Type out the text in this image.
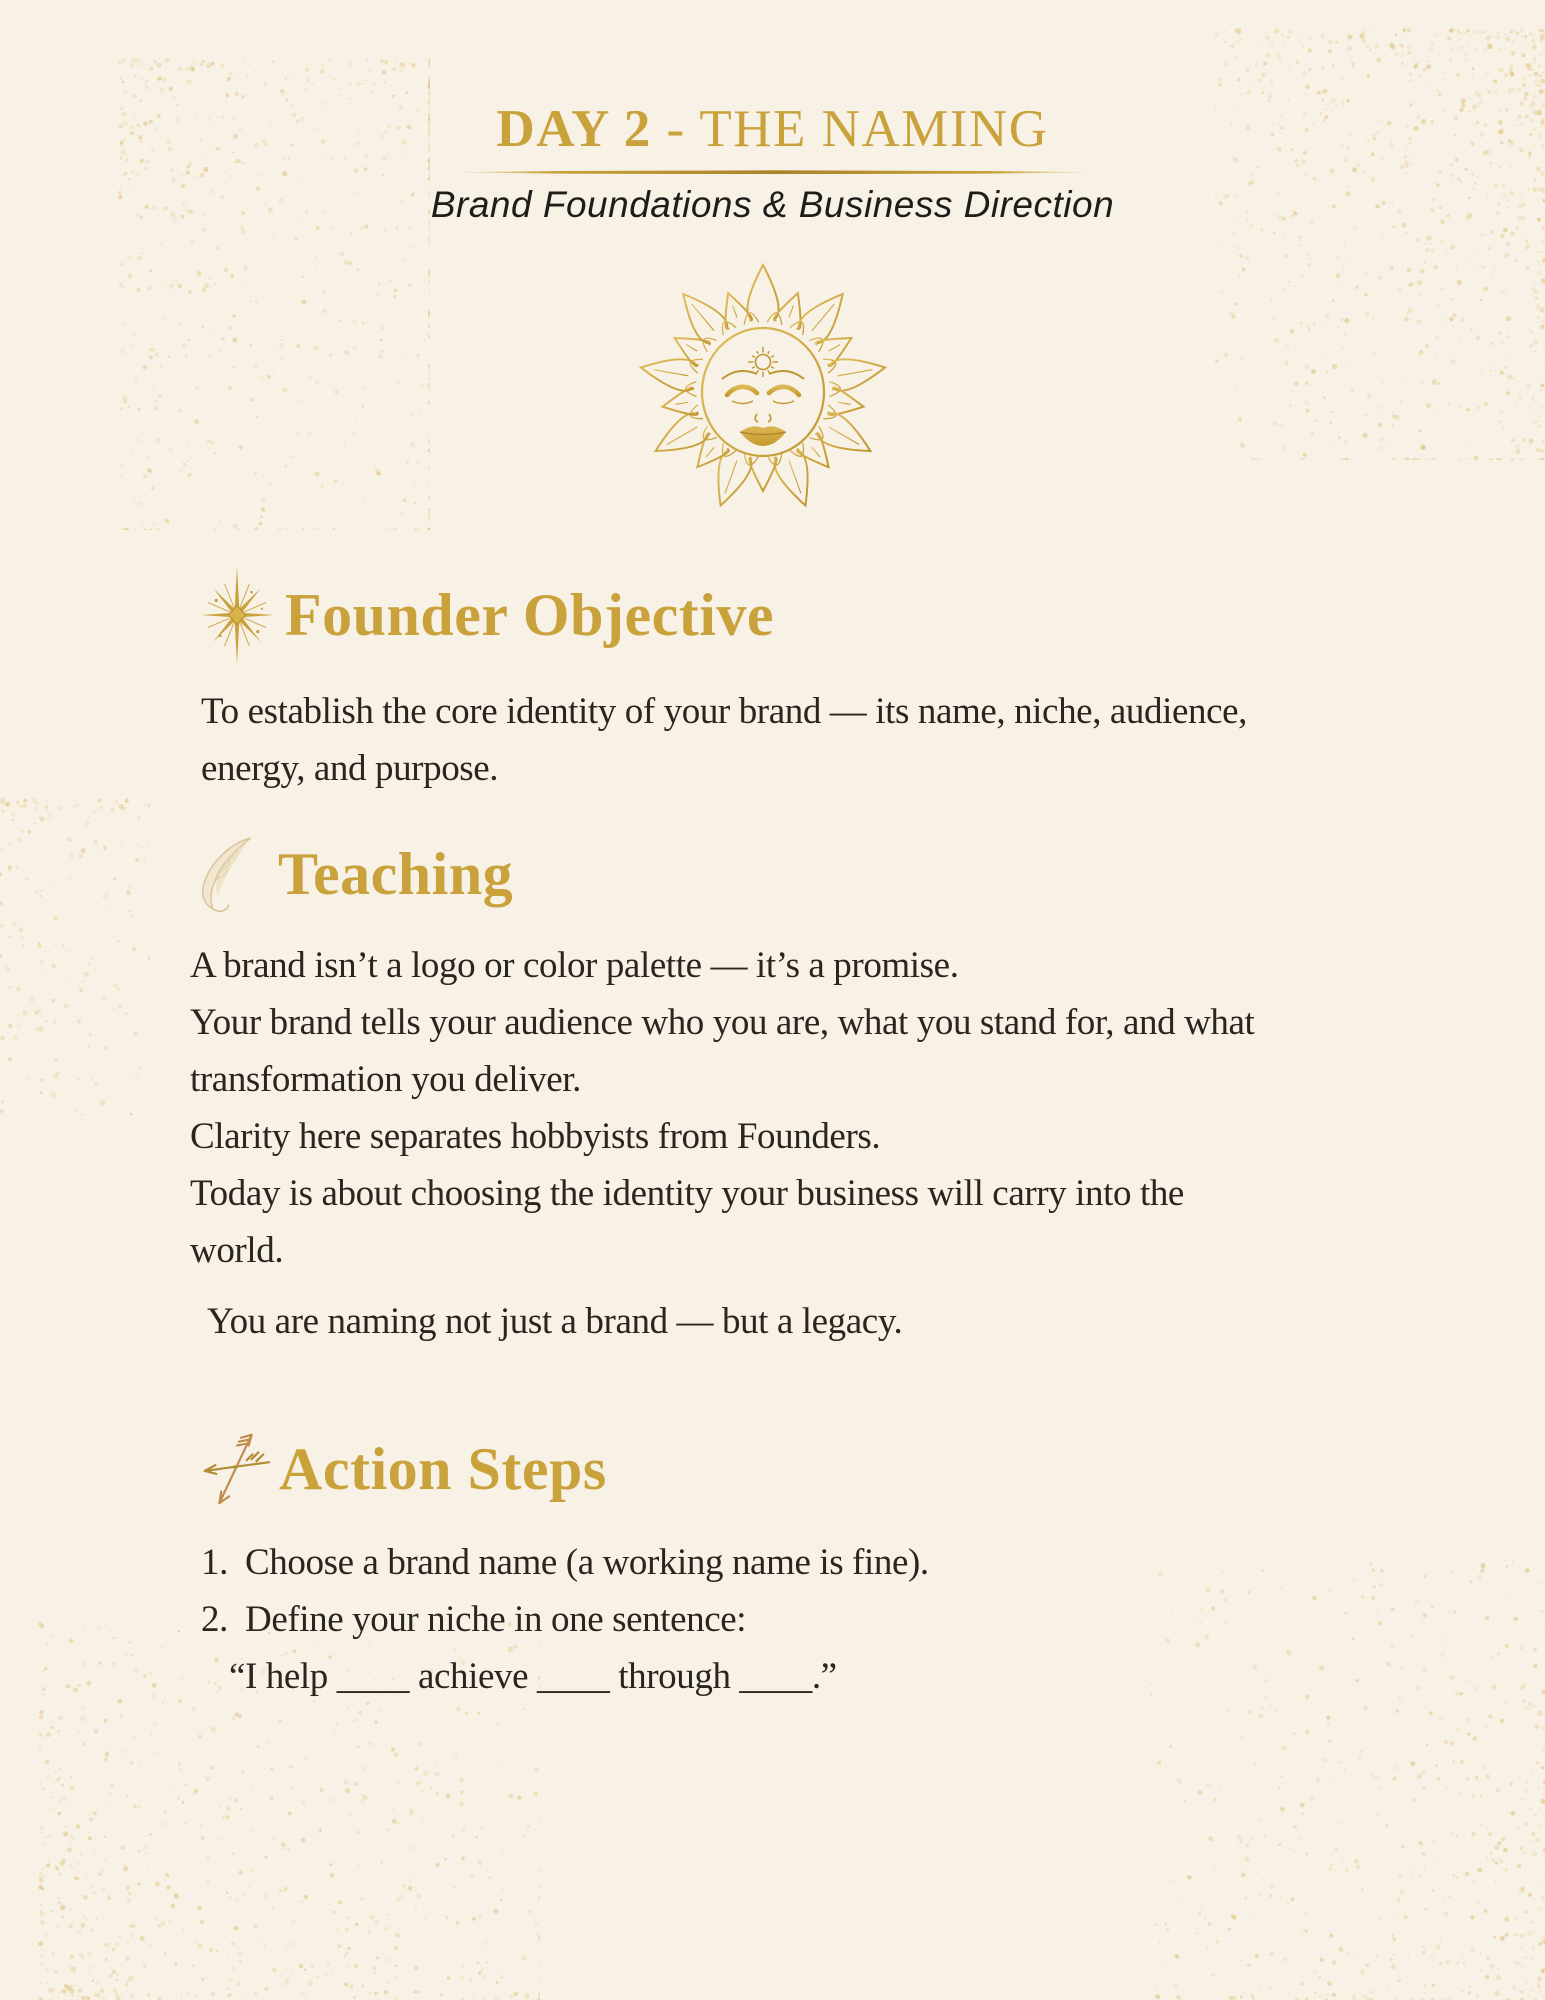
DAY 2 - THE NAMING
Brand Foundations & Business Direction
Founder Objective
To establish the core identity of your brand — its name, niche, audience,
energy, and purpose.
Teaching
A brand isn’t a logo or color palette — it’s a promise.
Your brand tells your audience who you are, what you stand for, and what
transformation you deliver.
Clarity here separates hobbyists from Founders.
Today is about choosing the identity your business will carry into the
world.
You are naming not just a brand — but a legacy.
Action Steps
1. Choose a brand name (a working name is fine).
2. Define your niche in one sentence:
“I help ____ achieve ____ through ____.”
